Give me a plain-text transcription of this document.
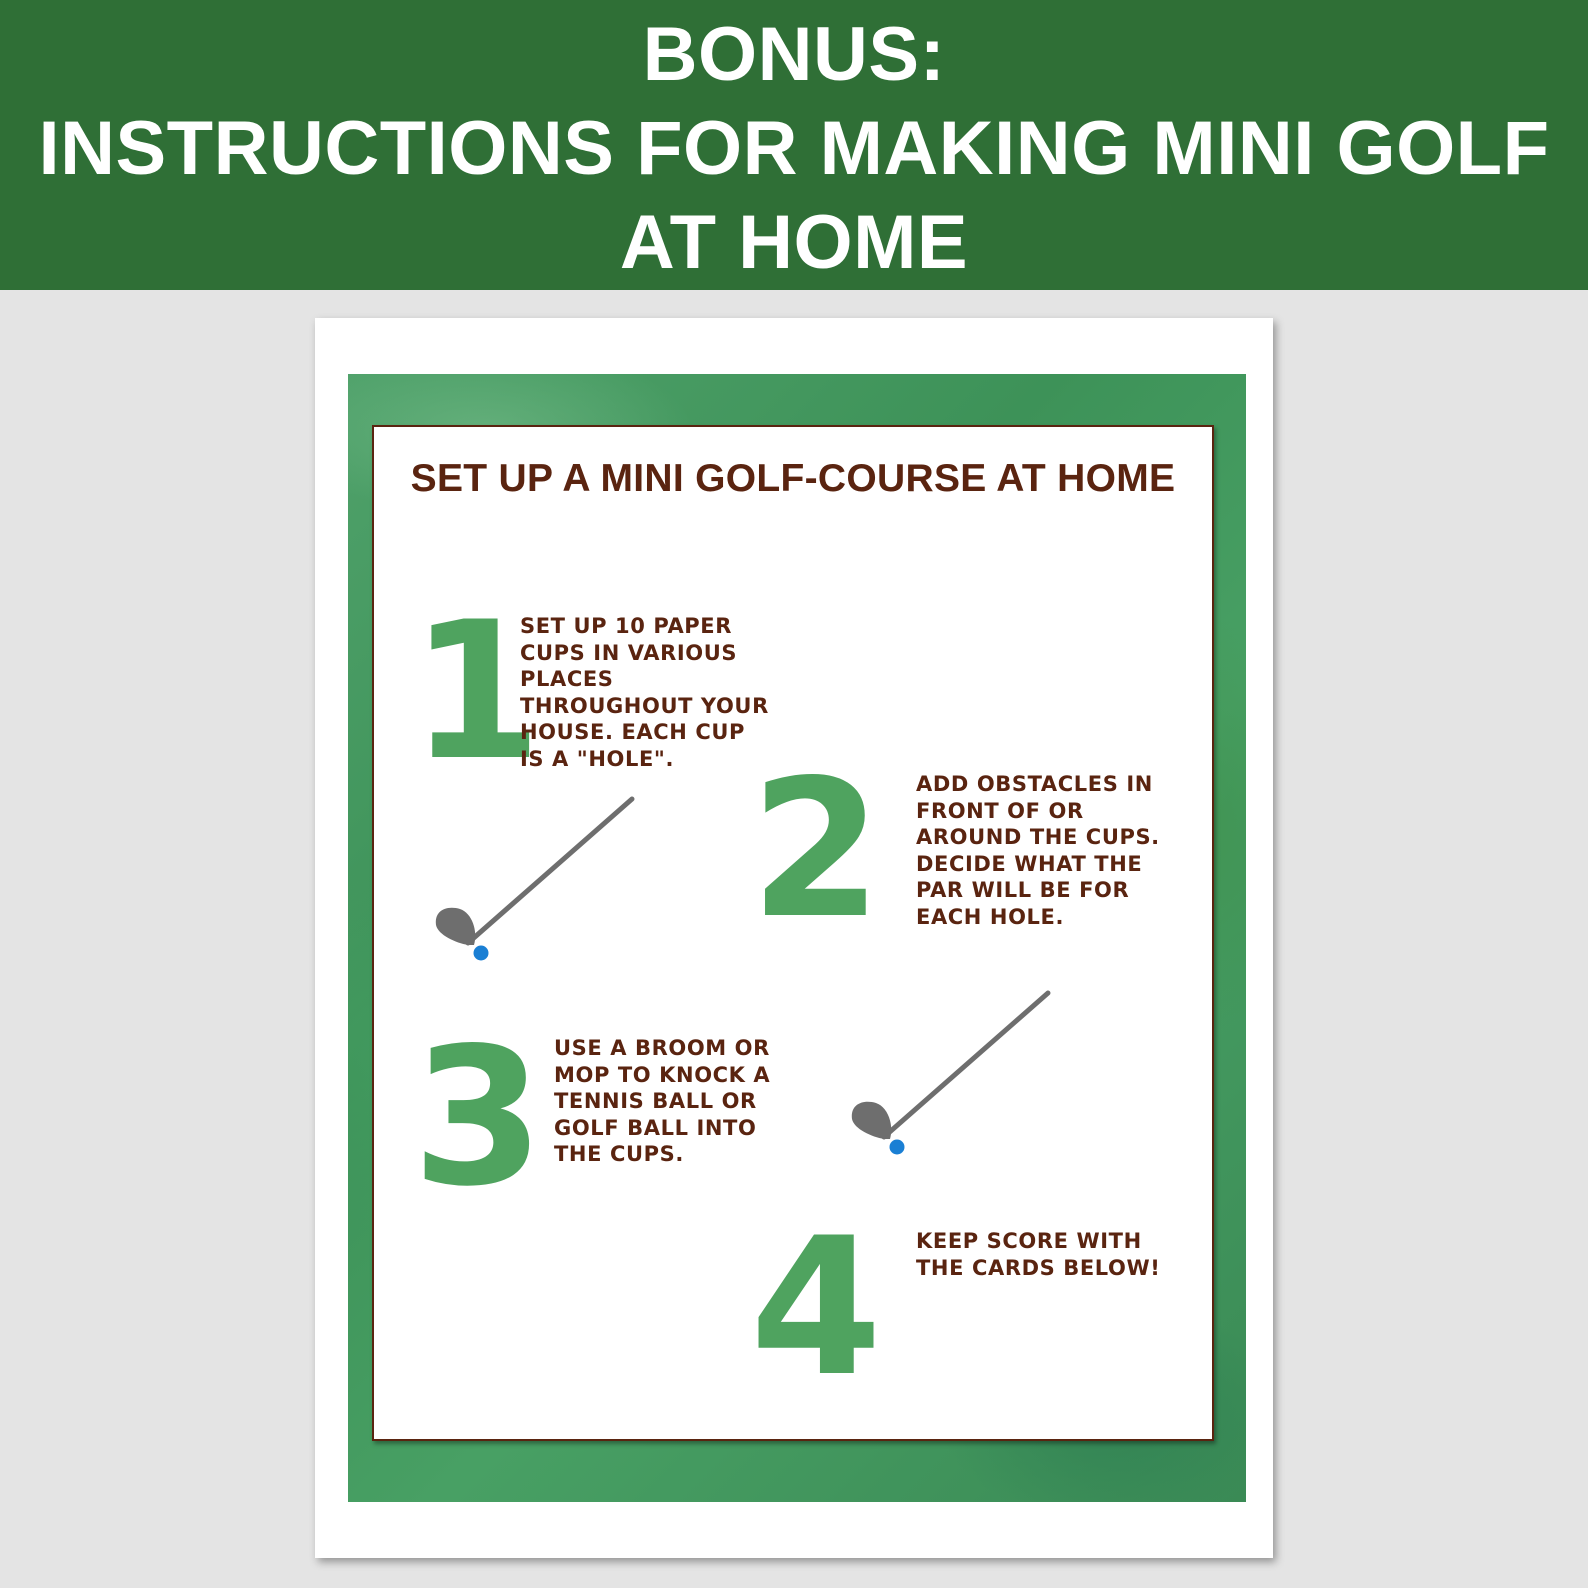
BONUS:
INSTRUCTIONS FOR MAKING MINI GOLF
AT HOME
SET UP A MINI GOLF-COURSE AT HOME
1
SET UP 10 PAPER
CUPS IN VARIOUS
PLACES
THROUGHOUT YOUR
HOUSE. EACH CUP
IS A "HOLE". 2 ADD OBSTACLES IN
FRONT OF OR
AROUND THE CUPS.
DECIDE WHAT THE
PAR WILL BE FOR
EACH HOLE.
3 USE A BROOM OR
MOP TO KNOCK A
TENNIS BALL OR
GOLF BALL INTO
THE CUPS.
4 KEEP SCORE WITH
THE CARDS BELOW!
